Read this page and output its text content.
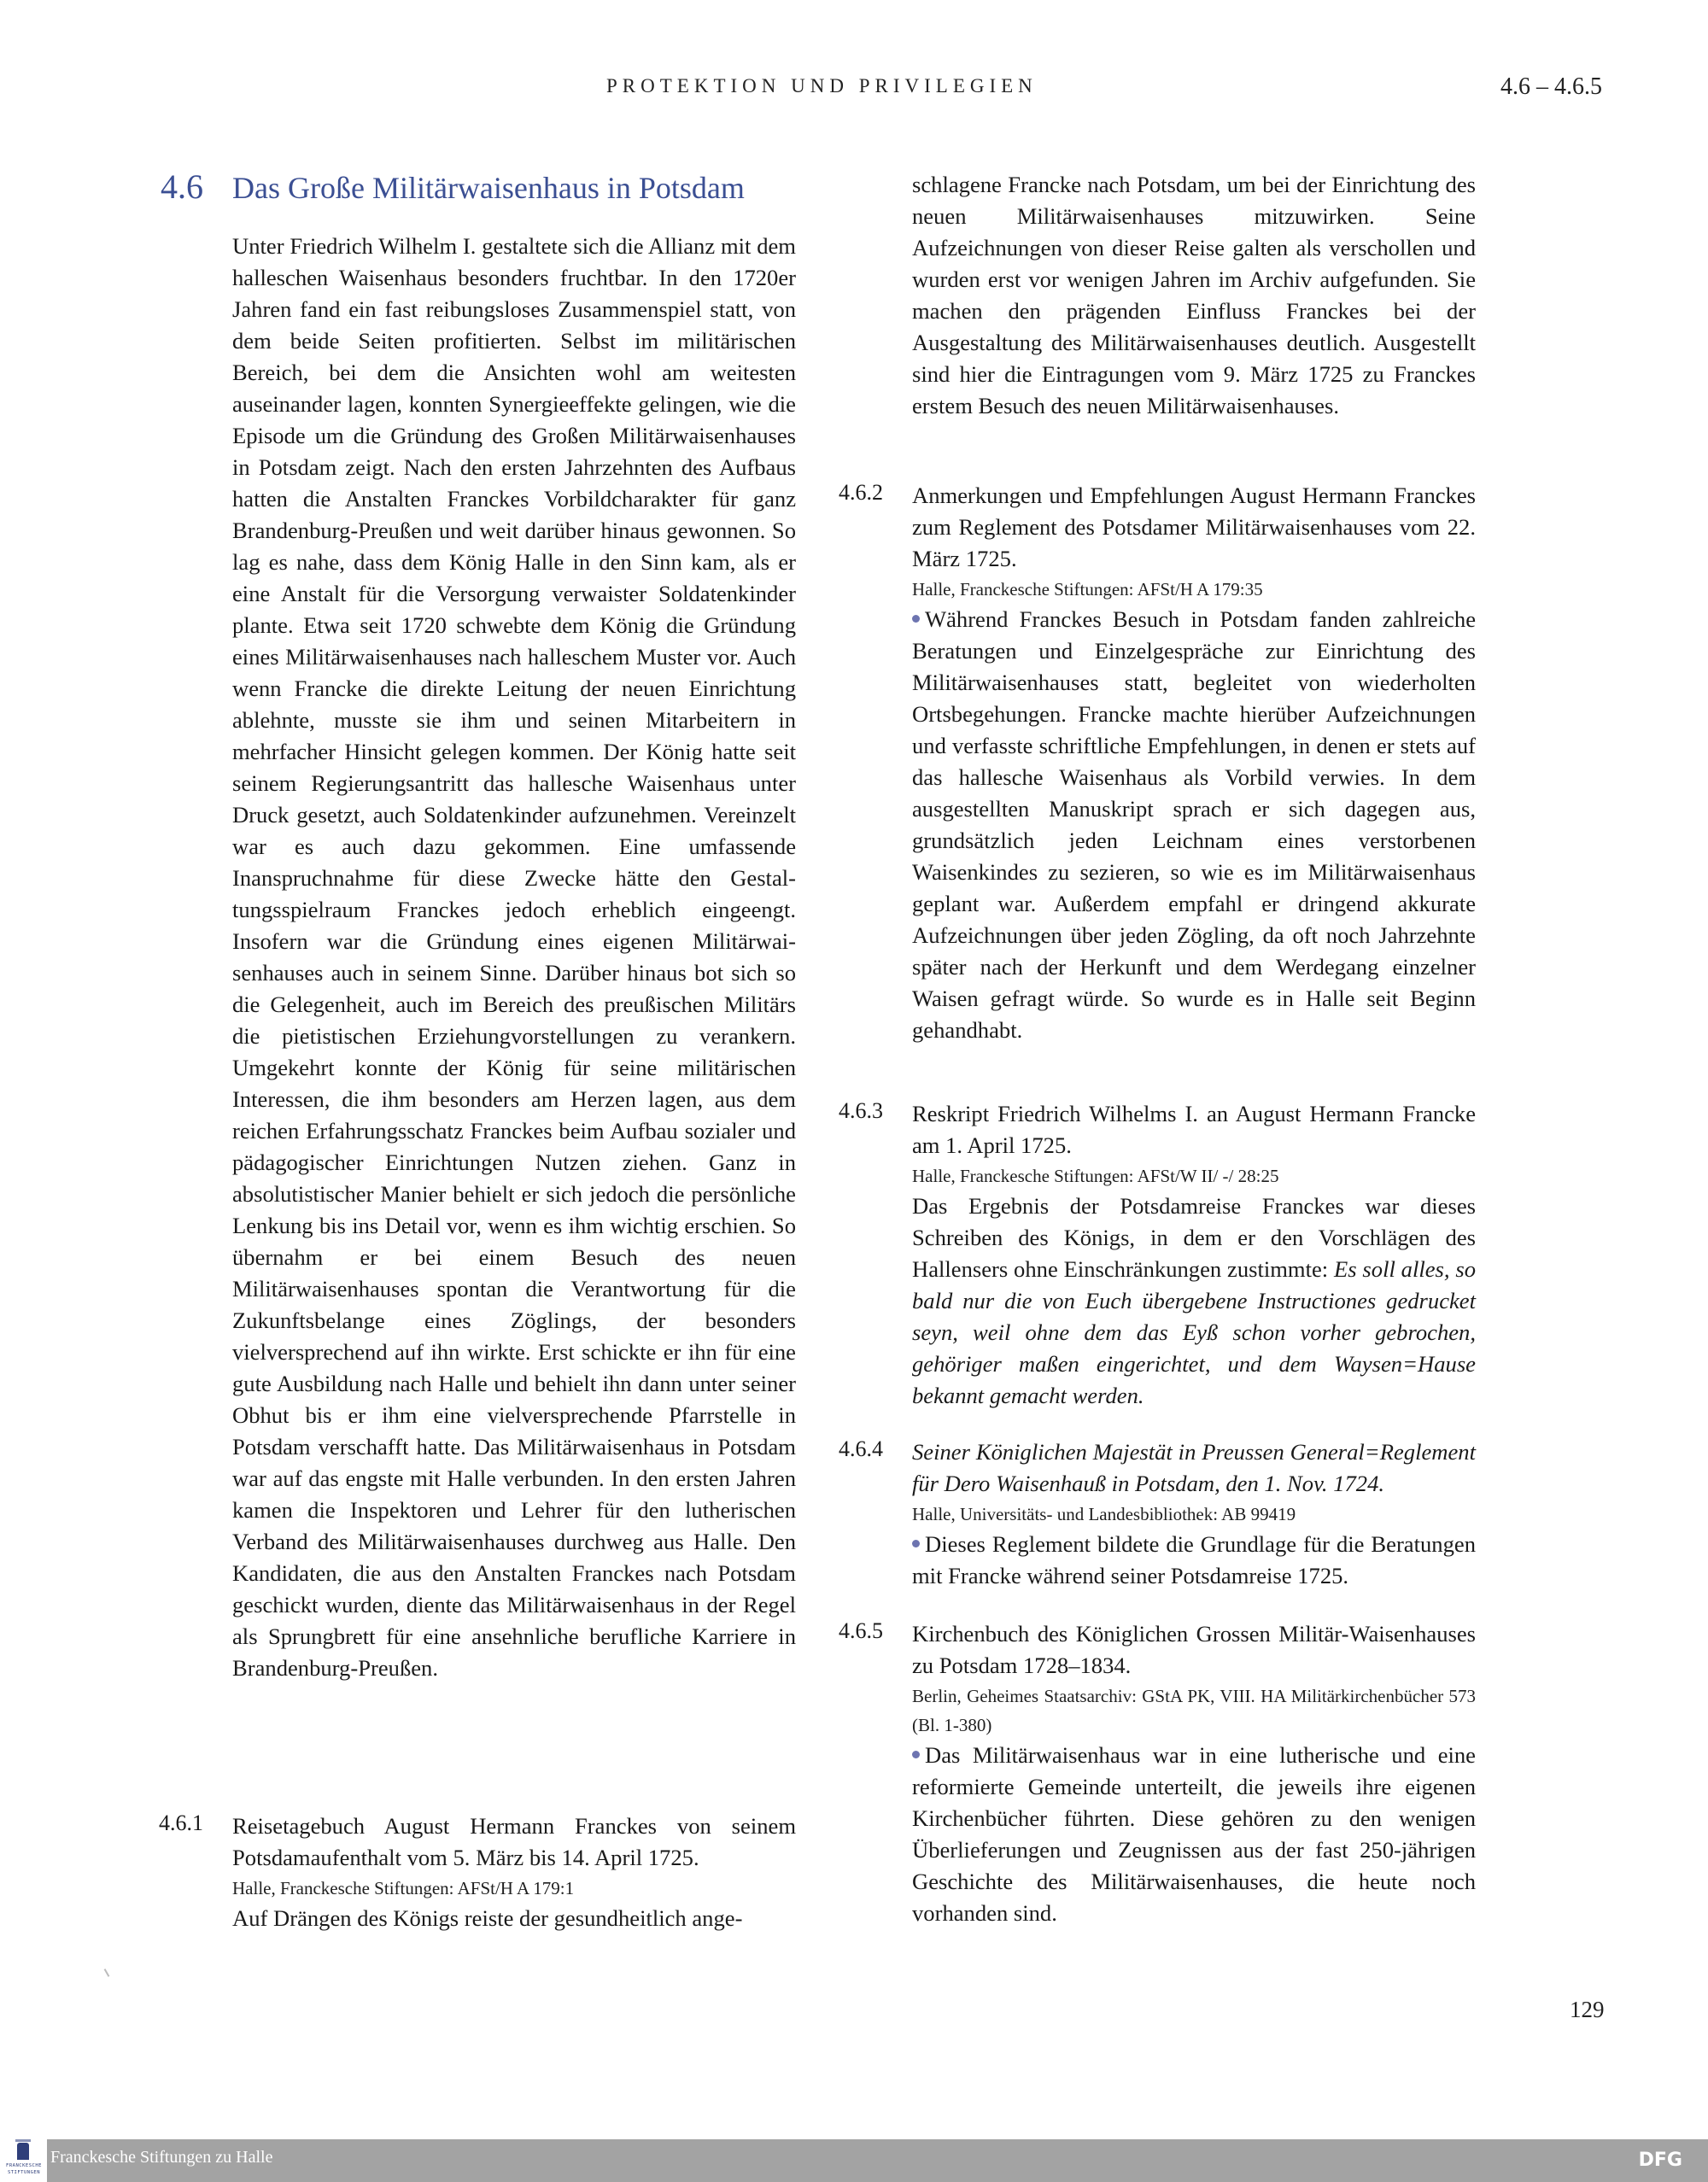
PROTEKTION UND PRIVILEGIEN	4.6 – 4.6.5
4.6 Das Große Militärwaisenhaus in Potsdam
Unter Friedrich Wilhelm I. gestaltete sich die Allianz mit dem halleschen Waisenhaus besonders fruchtbar. In den 1720er Jahren fand ein fast reibungsloses Zusammenspiel statt, von dem beide Seiten profitierten. Selbst im militärischen Bereich, bei dem die Ansichten wohl am weitesten auseinander lagen, konnten Synergieeffekte gelingen, wie die Episode um die Gründung des Großen Militärwaisenhauses in Potsdam zeigt. Nach den ersten Jahrzehnten des Aufbaus hatten die Anstalten Franckes Vorbildcharakter für ganz Brandenburg-Preußen und weit darüber hinaus gewonnen. So lag es nahe, dass dem König Halle in den Sinn kam, als er eine Anstalt für die Versorgung verwaister Soldatenkinder plante. Etwa seit 1720 schwebte dem König die Gründung eines Militärwaisenhauses nach halleschem Muster vor. Auch wenn Francke die direkte Leitung der neuen Einrichtung ablehnte, musste sie ihm und seinen Mitarbeitern in mehrfacher Hinsicht gelegen kommen. Der König hatte seit seinem Regierungsantritt das hallesche Waisenhaus unter Druck gesetzt, auch Soldatenkinder aufzunehmen. Vereinzelt war es auch dazu gekommen. Eine umfassende Inanspruchnahme für diese Zwecke hätte den Gestaltungsspielraum Franckes jedoch erheblich eingeengt. Insofern war die Gründung eines eigenen Militärwaisenhauses auch in seinem Sinne. Darüber hinaus bot sich so die Gelegenheit, auch im Bereich des preußischen Militärs die pietistischen Erziehungvorstellungen zu verankern. Umgekehrt konnte der König für seine militärischen Interessen, die ihm besonders am Herzen lagen, aus dem reichen Erfahrungsschatz Franckes beim Aufbau sozialer und pädagogischer Einrichtungen Nutzen ziehen. Ganz in absolutistischer Manier behielt er sich jedoch die persönliche Lenkung bis ins Detail vor, wenn es ihm wichtig erschien. So übernahm er bei einem Besuch des neuen Militärwaisenhauses spontan die Verantwortung für die Zukunftsbelange eines Zöglings, der besonders vielversprechend auf ihn wirkte. Erst schickte er ihn für eine gute Ausbildung nach Halle und behielt ihn dann unter seiner Obhut bis er ihm eine vielversprechende Pfarrstelle in Potsdam verschafft hatte. Das Militärwaisenhaus in Potsdam war auf das engste mit Halle verbunden. In den ersten Jahren kamen die Inspektoren und Lehrer für den lutherischen Verband des Militärwaisenhauses durchweg aus Halle. Den Kandidaten, die aus den Anstalten Franckes nach Potsdam geschickt wurden, diente das Militärwaisenhaus in der Regel als Sprungbrett für eine ansehnliche berufliche Karriere in Brandenburg-Preußen.
4.6.1 Reisetagebuch August Hermann Franckes von seinem Potsdamaufenthalt vom 5. März bis 14. April 1725.
Halle, Franckesche Stiftungen: AFSt/H A 179:1
Auf Drängen des Königs reiste der gesundheitlich ange-
schlagene Francke nach Potsdam, um bei der Einrichtung des neuen Militärwaisenhauses mitzuwirken. Seine Aufzeichnungen von dieser Reise galten als verschollen und wurden erst vor wenigen Jahren im Archiv aufgefunden. Sie machen den prägenden Einfluss Franckes bei der Ausgestaltung des Militärwaisenhauses deutlich. Ausgestellt sind hier die Eintragungen vom 9. März 1725 zu Franckes erstem Besuch des neuen Militärwaisenhauses.
4.6.2 Anmerkungen und Empfehlungen August Hermann Franckes zum Reglement des Potsdamer Militärwaisenhauses vom 22. März 1725.
Halle, Franckesche Stiftungen: AFSt/H A 179:35
Während Franckes Besuch in Potsdam fanden zahlreiche Beratungen und Einzelgespräche zur Einrichtung des Militärwaisenhauses statt, begleitet von wiederholten Ortsbegehungen. Francke machte hierüber Aufzeichnungen und verfasste schriftliche Empfehlungen, in denen er stets auf das hallesche Waisenhaus als Vorbild verwies. In dem ausgestellten Manuskript sprach er sich dagegen aus, grundsätzlich jeden Leichnam eines verstorbenen Waisenkindes zu sezieren, so wie es im Militärwaisenhaus geplant war. Außerdem empfahl er dringend akkurate Aufzeichnungen über jeden Zögling, da oft noch Jahrzehnte später nach der Herkunft und dem Werdegang einzelner Waisen gefragt würde. So wurde es in Halle seit Beginn gehandhabt.
4.6.3 Reskript Friedrich Wilhelms I. an August Hermann Francke am 1. April 1725.
Halle, Franckesche Stiftungen: AFSt/W II/ -/ 28:25
Das Ergebnis der Potsdamreise Franckes war dieses Schreiben des Königs, in dem er den Vorschlägen des Hallensers ohne Einschränkungen zustimmte: Es soll alles, so bald nur die von Euch übergebene Instructiones gedrucket seyn, weil ohne dem das Eyß schon vorher gebrochen, gehöriger maßen eingerichtet, und dem Waysen=Hause bekannt gemacht werden.
4.6.4 Seiner Königlichen Majestät in Preussen General=Reglement für Dero Waisenhauß in Potsdam, den 1. Nov. 1724.
Halle, Universitäts- und Landesbibliothek: AB 99419
Dieses Reglement bildete die Grundlage für die Beratungen mit Francke während seiner Potsdamreise 1725.
4.6.5 Kirchenbuch des Königlichen Grossen Militär-Waisenhauses zu Potsdam 1728–1834.
Berlin, Geheimes Staatsarchiv: GStA PK, VIII. HA Militärkirchenbücher 573 (Bl. 1-380)
Das Militärwaisenhaus war in eine lutherische und eine reformierte Gemeinde unterteilt, die jeweils ihre eigenen Kirchenbücher führten. Diese gehören zu den wenigen Überlieferungen und Zeugnissen aus der fast 250-jährigen Geschichte des Militärwaisenhauses, die heute noch vorhanden sind.
129
FRANCKESCHE
STIFTUNGEN
Franckesche Stiftungen zu Halle	DFG
